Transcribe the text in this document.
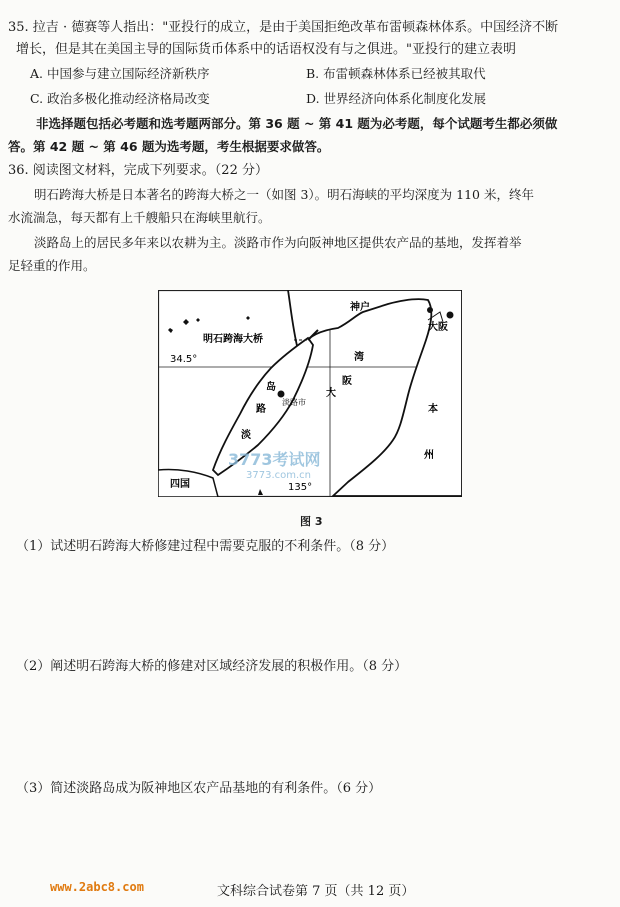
35. 拉吉 · 德赛等人指出："亚投行的成立，是由于美国拒绝改革布雷顿森林体系。中国经济不断
增长，但是其在美国主导的国际货币体系中的话语权没有与之俱进。"亚投行的建立表明
A. 中国参与建立国际经济新秩序	B. 布雷顿森林体系已经被其取代
C. 政治多极化推动经济格局改变	D. 世界经济向体系化制度化发展
非选择题包括必考题和选考题两部分。第 36 题 ~ 第 41 题为必考题，每个试题考生都必须做
答。第 42 题 ~ 第 46 题为选考题，考生根据要求做答。
36. 阅读图文材料，完成下列要求。（22 分）
明石跨海大桥是日本著名的跨海大桥之一（如图 3）。明石海峡的平均深度为 110 米，终年
水流湍急，每天都有上千艘船只在海峡里航行。
淡路岛上的居民多年来以农耕为主。淡路市作为向阪神地区提供农产品的基地，发挥着举
足轻重的作用。
神户
大阪
明石跨海大桥
34.5°
135°
岛
路
淡
淡路市
大
阪
湾
本
州
四国
3773考试网
3773.com.cn
图 3
（1）试述明石跨海大桥修建过程中需要克服的不利条件。（8 分）
（2）阐述明石跨海大桥的修建对区域经济发展的积极作用。（8 分）
（3）简述淡路岛成为阪神地区农产品基地的有利条件。（6 分）
www.2abc8.com	文科综合试卷第 7 页（共 12 页）
